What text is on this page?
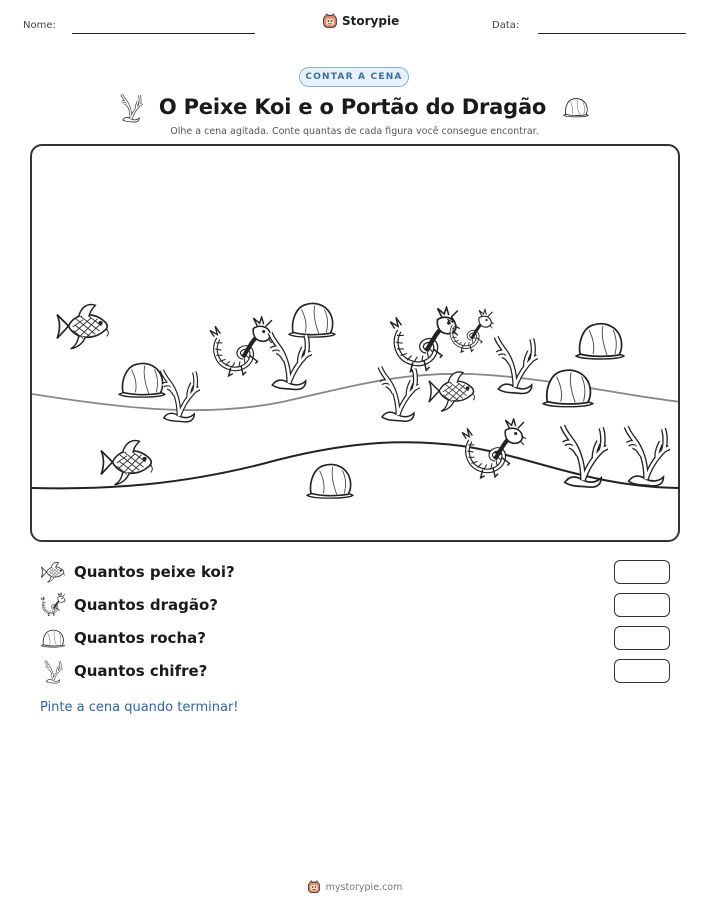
Nome:	Storypie	Data:
CONTAR A CENA
O Peixe Koi e o Portão do Dragão
Olhe a cena agitada. Conte quantas de cada figura você consegue encontrar.
Quantos peixe koi?
Quantos dragão?
Quantos rocha?
Quantos chifre?
Pinte a cena quando terminar!
mystorypie.com
